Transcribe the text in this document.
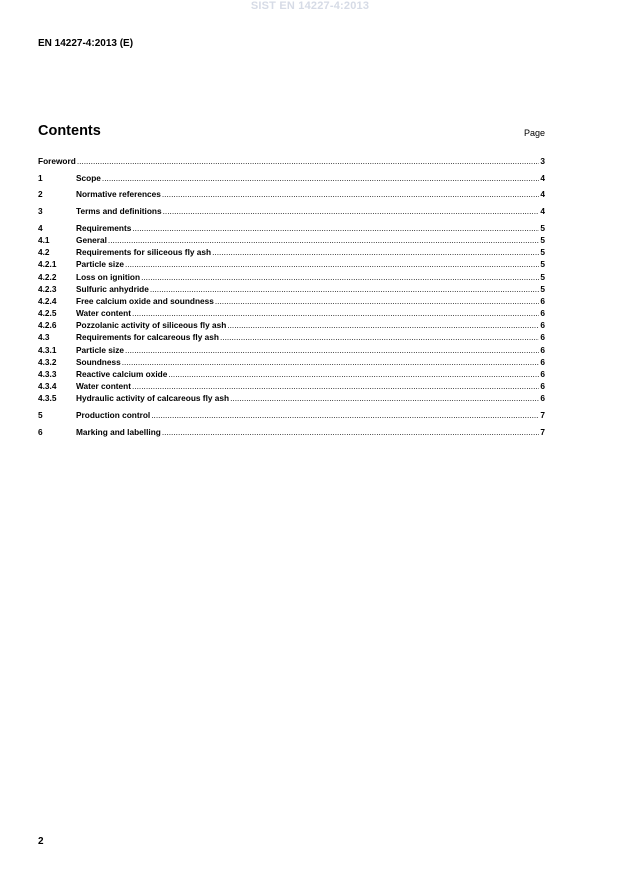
SIST EN 14227-4:2013
EN 14227-4:2013 (E)
Contents	Page
Foreword .....	3
1	Scope .....	4
2	Normative references .....	4
3	Terms and definitions .....	4
4	Requirements .....	5
4.1	General .....	5
4.2	Requirements for siliceous fly ash .....	5
4.2.1	Particle size .....	5
4.2.2	Loss on ignition .....	5
4.2.3	Sulfuric anhydride .....	5
4.2.4	Free calcium oxide and soundness .....	6
4.2.5	Water content .....	6
4.2.6	Pozzolanic activity of siliceous fly ash .....	6
4.3	Requirements for calcareous fly ash .....	6
4.3.1	Particle size .....	6
4.3.2	Soundness .....	6
4.3.3	Reactive calcium oxide .....	6
4.3.4	Water content .....	6
4.3.5	Hydraulic activity of calcareous fly ash .....	6
5	Production control .....	7
6	Marking and labelling .....	7
2
